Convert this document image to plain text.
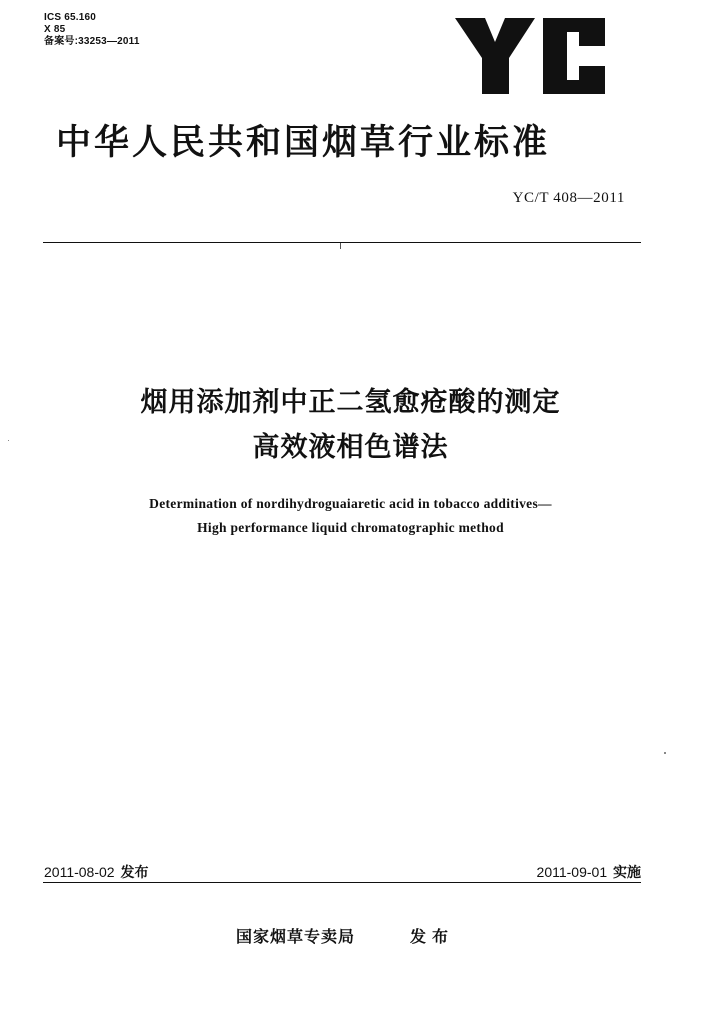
ICS 65.160
X 85
备案号:33253—2011
中华人民共和国烟草行业标准
YC/T 408—2011
烟用添加剂中正二氢愈疮酸的测定
高效液相色谱法
Determination of nordihydroguaiaretic acid in tobacco additives—
High performance liquid chromatographic method
2011-08-02 发布	2011-09-01 实施
国家烟草专卖局	发布
